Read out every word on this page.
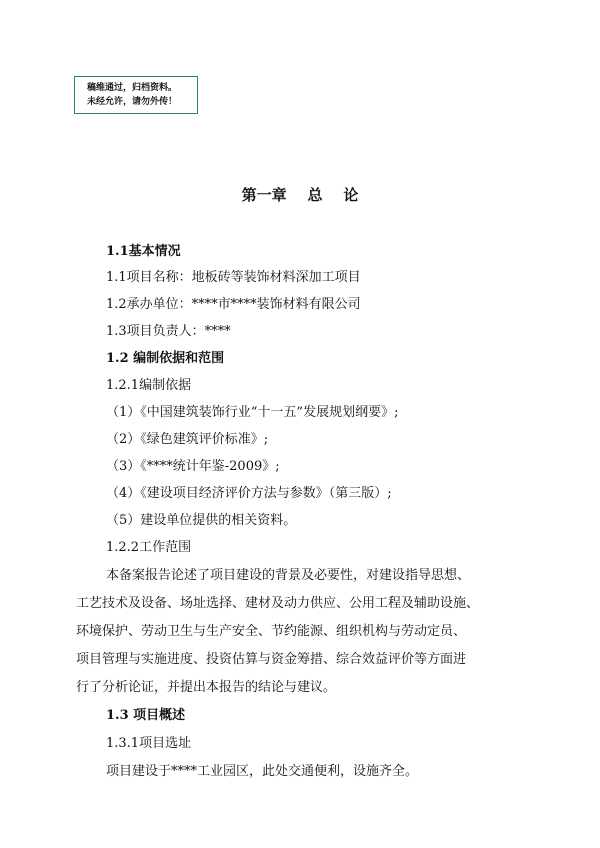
稿维通过，归档资料。
未经允许，请勿外传！
第一章    总    论
1.1基本情况
1.1项目名称：地板砖等装饰材料深加工项目
1.2承办单位：****市****装饰材料有限公司
1.3项目负责人：****
1.2 编制依据和范围
1.2.1编制依据
（1）《中国建筑装饰行业“十一五”发展规划纲要》;
（2）《绿色建筑评价标准》;
（3）《****统计年鉴-2009》;
（4）《建设项目经济评价方法与参数》（第三版）;
（5）建设单位提供的相关资料。
1.2.2工作范围
本备案报告论述了项目建设的背景及必要性，对建设指导思想、
工艺技术及设备、场址选择、建材及动力供应、公用工程及辅助设施、
环境保护、劳动卫生与生产安全、节约能源、组织机构与劳动定员、
项目管理与实施进度、投资估算与资金筹措、综合效益评价等方面进
行了分析论证，并提出本报告的结论与建议。
1.3 项目概述
1.3.1项目选址
项目建设于****工业园区，此处交通便利，设施齐全。
